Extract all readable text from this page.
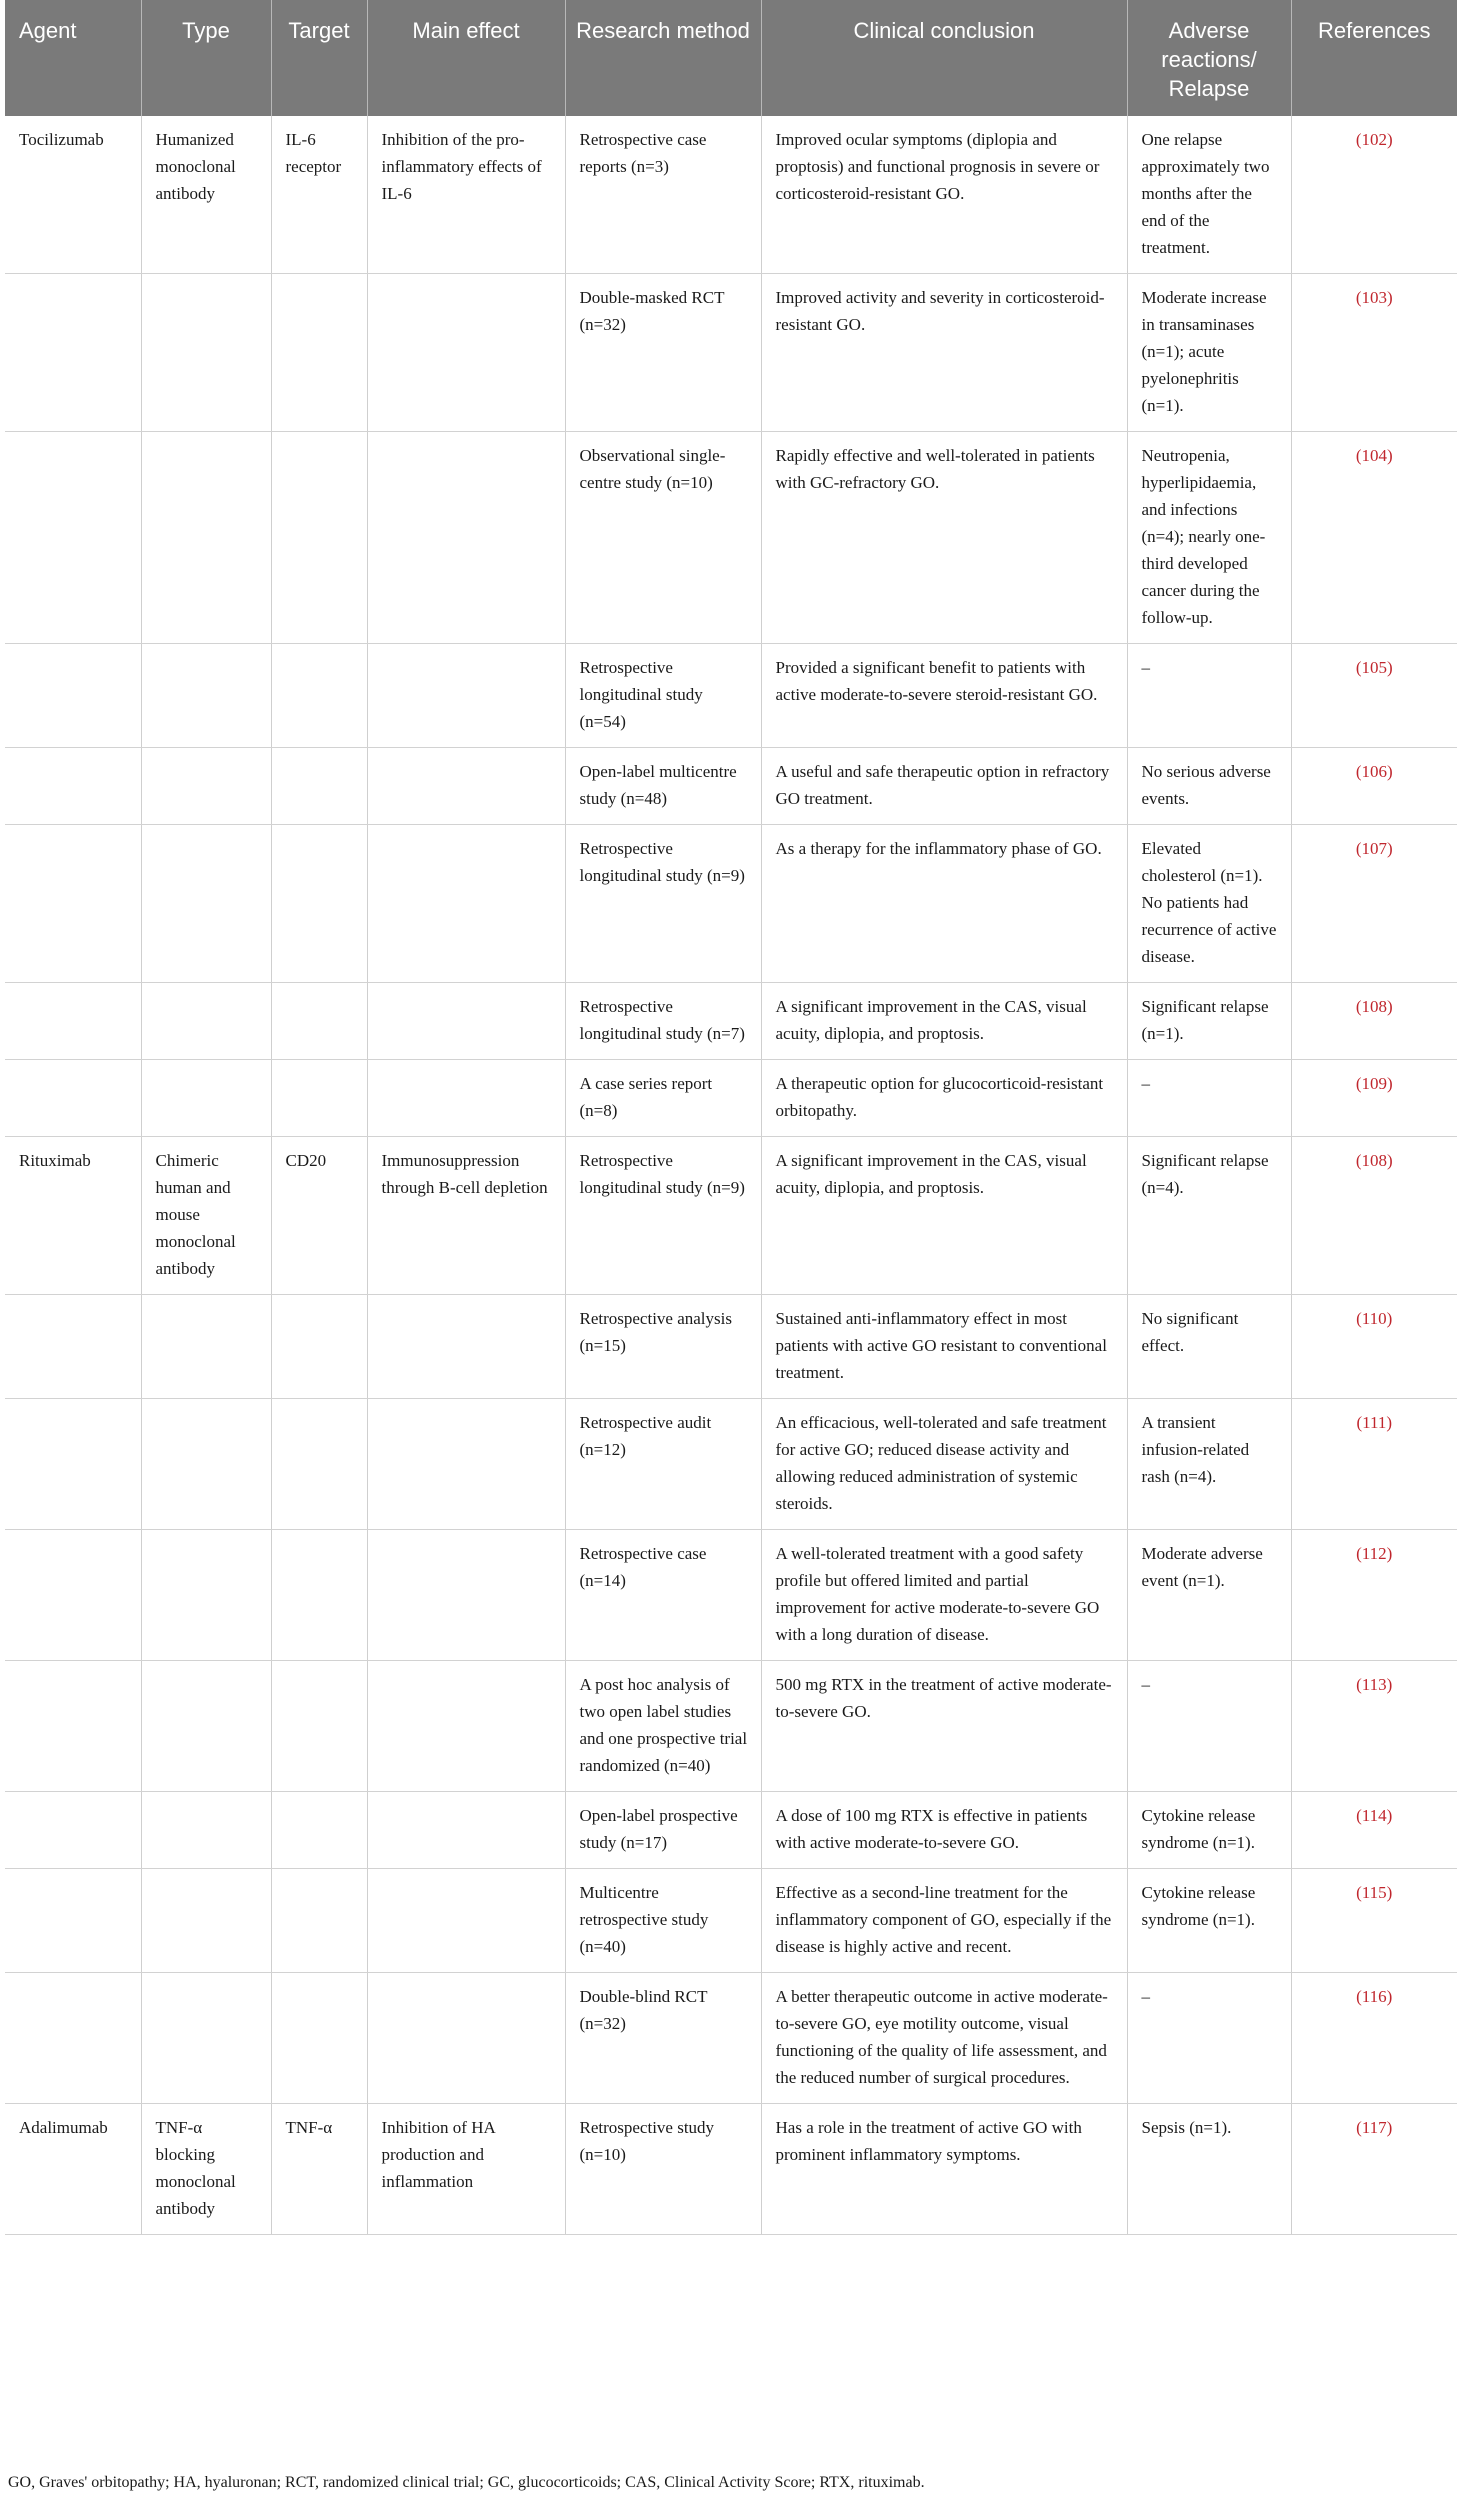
Agent	Type	Target	Main effect	Research method	Clinical conclusion	Adverse reactions/ Relapse	References
Tocilizumab	Humanized monoclonal antibody	IL-6 receptor	Inhibition of the pro-inflammatory effects of IL-6	Retrospective case reports (n=3)	Improved ocular symptoms (diplopia and proptosis) and functional prognosis in severe or corticosteroid-resistant GO.	One relapse approximately two months after the end of the treatment.	(102)
				Double-masked RCT (n=32)	Improved activity and severity in corticosteroid-resistant GO.	Moderate increase in transaminases (n=1); acute pyelonephritis (n=1).	(103)
				Observational single-centre study (n=10)	Rapidly effective and well-tolerated in patients with GC-refractory GO.	Neutropenia, hyperlipidaemia, and infections (n=4); nearly one-third developed cancer during the follow-up.	(104)
				Retrospective longitudinal study (n=54)	Provided a significant benefit to patients with active moderate-to-severe steroid-resistant GO.	–	(105)
				Open-label multicentre study (n=48)	A useful and safe therapeutic option in refractory GO treatment.	No serious adverse events.	(106)
				Retrospective longitudinal study (n=9)	As a therapy for the inflammatory phase of GO.	Elevated cholesterol (n=1). No patients had recurrence of active disease.	(107)
				Retrospective longitudinal study (n=7)	A significant improvement in the CAS, visual acuity, diplopia, and proptosis.	Significant relapse (n=1).	(108)
				A case series report (n=8)	A therapeutic option for glucocorticoid-resistant orbitopathy.	–	(109)
Rituximab	Chimeric human and mouse monoclonal antibody	CD20	Immunosuppression through B-cell depletion	Retrospective longitudinal study (n=9)	A significant improvement in the CAS, visual acuity, diplopia, and proptosis.	Significant relapse (n=4).	(108)
				Retrospective analysis (n=15)	Sustained anti-inflammatory effect in most patients with active GO resistant to conventional treatment.	No significant effect.	(110)
				Retrospective audit (n=12)	An efficacious, well-tolerated and safe treatment for active GO; reduced disease activity and allowing reduced administration of systemic steroids.	A transient infusion-related rash (n=4).	(111)
				Retrospective case (n=14)	A well-tolerated treatment with a good safety profile but offered limited and partial improvement for active moderate-to-severe GO with a long duration of disease.	Moderate adverse event (n=1).	(112)
				A post hoc analysis of two open label studies and one prospective trial randomized (n=40)	500 mg RTX in the treatment of active moderate-to-severe GO.	–	(113)
				Open-label prospective study (n=17)	A dose of 100 mg RTX is effective in patients with active moderate-to-severe GO.	Cytokine release syndrome (n=1).	(114)
				Multicentre retrospective study (n=40)	Effective as a second-line treatment for the inflammatory component of GO, especially if the disease is highly active and recent.	Cytokine release syndrome (n=1).	(115)
				Double-blind RCT (n=32)	A better therapeutic outcome in active moderate-to-severe GO, eye motility outcome, visual functioning of the quality of life assessment, and the reduced number of surgical procedures.	–	(116)
Adalimumab	TNF-α blocking monoclonal antibody	TNF-α	Inhibition of HA production and inflammation	Retrospective study (n=10)	Has a role in the treatment of active GO with prominent inflammatory symptoms.	Sepsis (n=1).	(117)
GO, Graves' orbitopathy; HA, hyaluronan; RCT, randomized clinical trial; GC, glucocorticoids; CAS, Clinical Activity Score; RTX, rituximab.
